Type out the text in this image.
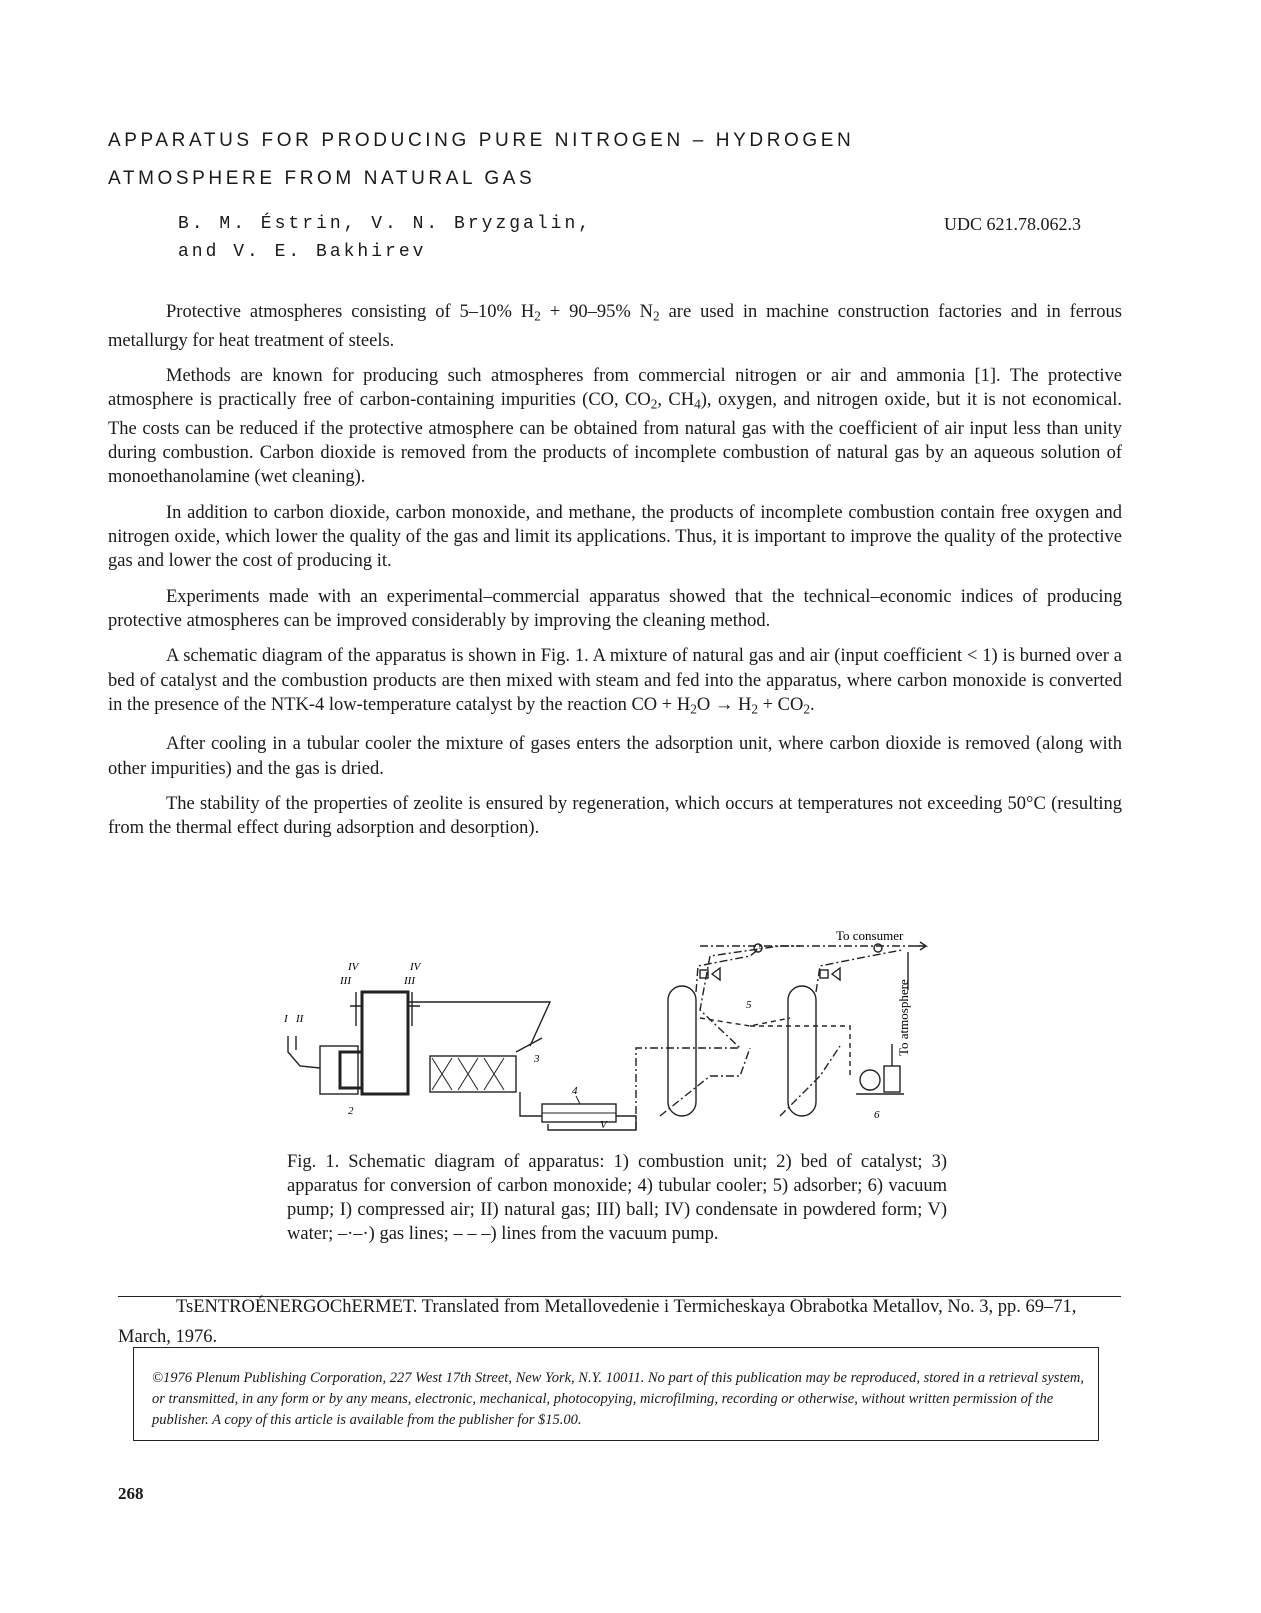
APPARATUS FOR PRODUCING PURE NITROGEN – HYDROGEN
ATMOSPHERE FROM NATURAL GAS
B. M. Éstrin, V. N. Bryzgalin,
and V. E. Bakhirev
UDC 621.78.062.3

Protective atmospheres consisting of 5–10% $H_2 + 90-95\%$ $N_2$ are used in machine construction factories and in ferrous metallurgy for heat treatment of steels.

Methods are known for producing such atmospheres from commercial nitrogen or air and ammonia [1]. The protective atmosphere is practically free of carbon-containing impurities (CO, $CO_2$, $CH_4$), oxygen, and nitrogen oxide, but it is not economical. The costs can be reduced if the protective atmosphere can be obtained from natural gas with the coefficient of air input less than unity during combustion. Carbon dioxide is removed from the products of incomplete combustion of natural gas by an aqueous solution of monoethanolamine (wet cleaning).

In addition to carbon dioxide, carbon monoxide, and methane, the products of incomplete combustion contain free oxygen and nitrogen oxide, which lower the quality of the gas and limit its applications. Thus, it is important to improve the quality of the protective gas and lower the cost of producing it.

Experiments made with an experimental–commercial apparatus showed that the technical–economic indices of producing protective atmospheres can be improved considerably by improving the cleaning method.

A schematic diagram of the apparatus is shown in Fig. 1. A mixture of natural gas and air (input coefficient < 1) is burned over a bed of catalyst and the combustion products are then mixed with steam and fed into the apparatus, where carbon monoxide is converted in the presence of the NTK-4 low-temperature catalyst by the reaction CO + $H_2O \to H_2 + CO_2$.

After cooling in a tubular cooler the mixture of gases enters the adsorption unit, where carbon dioxide is removed (along with other impurities) and the gas is dried.

The stability of the properties of zeolite is ensured by regeneration, which occurs at temperatures not exceeding 50°C (resulting from the thermal effect during adsorption and desorption).

To consumer
To atmosphere
I II
IV
III
IV
III
V
2
3
4
5
6
Fig. 1. Schematic diagram of apparatus: 1) combustion unit; 2) bed of catalyst; 3) apparatus for conversion of carbon monoxide; 4) tubular cooler; 5) adsorber; 6) vacuum pump; I) compressed air; II) natural gas; III) ball; IV) condensate in powdered form; V) water; –·–·) gas lines; – – –) lines from the vacuum pump.
TsENTROÉNERGOChERMET. Translated from Metallovedenie i Termicheskaya Obrabotka Metallov, No. 3, pp. 69–71, March, 1976.
©1976 Plenum Publishing Corporation, 227 West 17th Street, New York, N.Y. 10011. No part of this publication may be reproduced, stored in a retrieval system, or transmitted, in any form or by any means, electronic, mechanical, photocopying, microfilming, recording or otherwise, without written permission of the publisher. A copy of this article is available from the publisher for $15.00.
268
